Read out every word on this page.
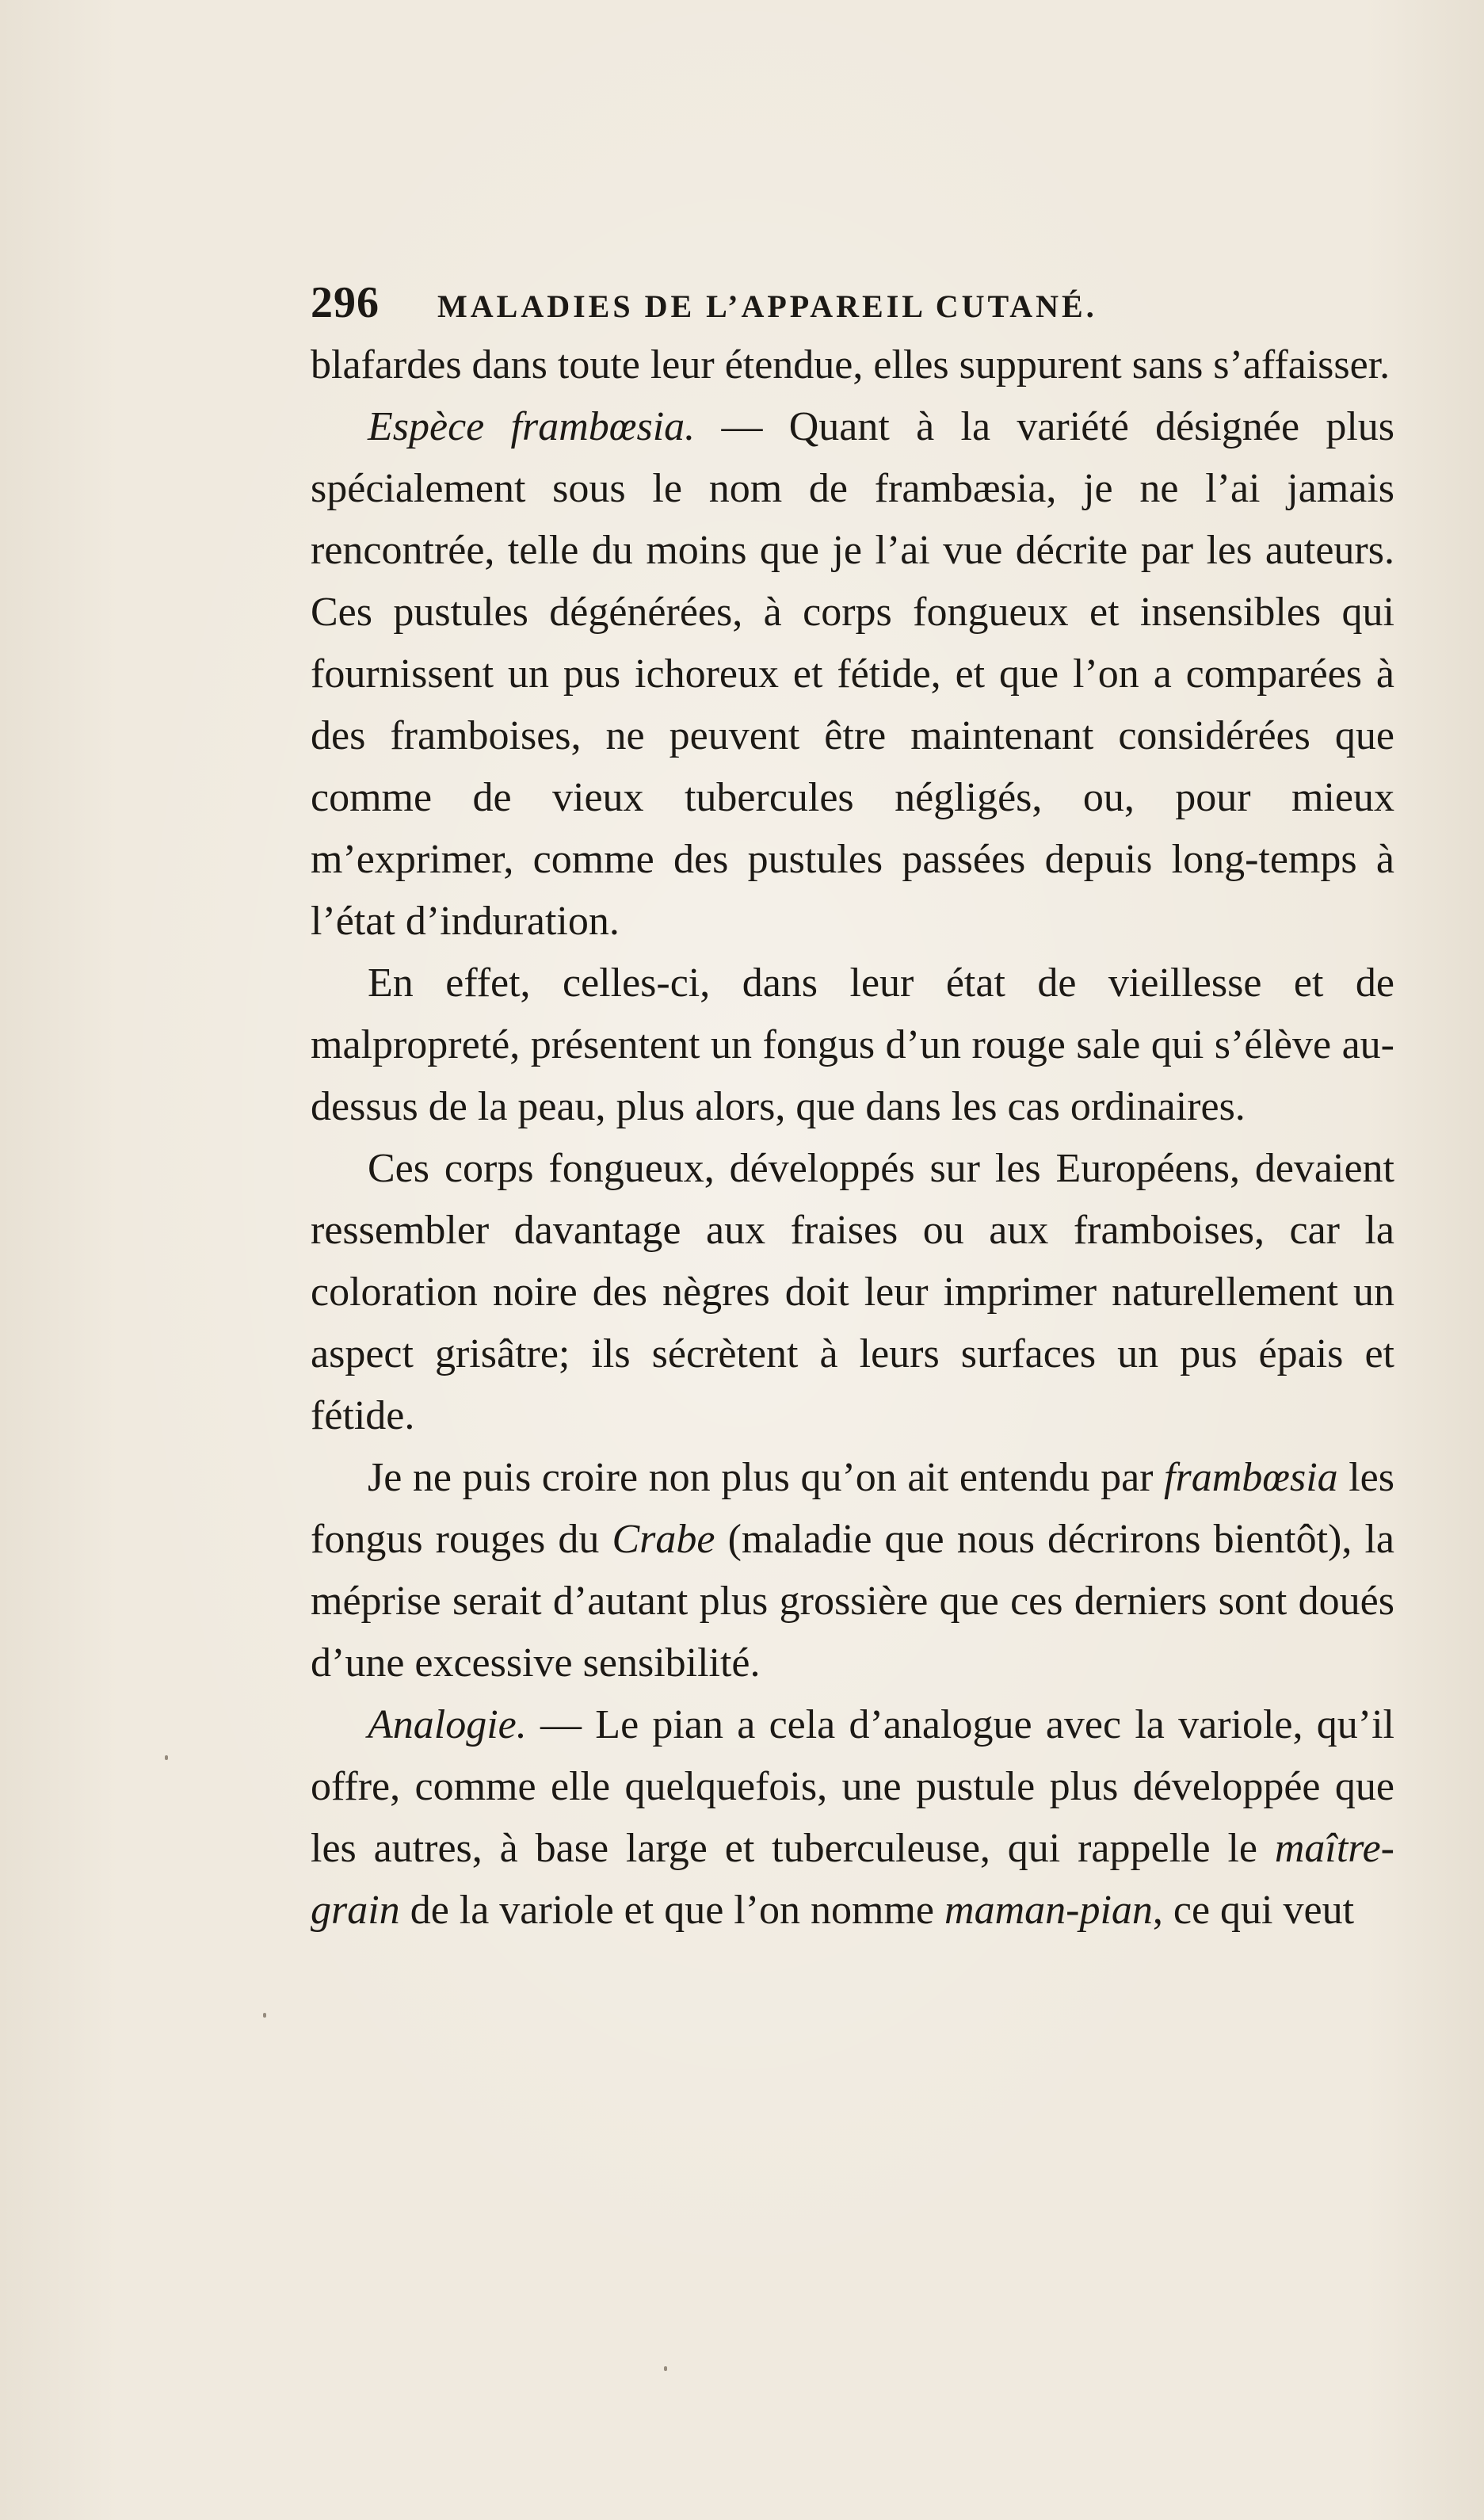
296	MALADIES DE L’APPAREIL CUTANÉ.

blafardes dans toute leur étendue, elles suppurent sans s’affaisser.

Espèce frambœsia. — Quant à la variété désignée plus spécialement sous le nom de frambæsia, je ne l’ai jamais rencontrée, telle du moins que je l’ai vue décrite par les auteurs. Ces pustules dégénérées, à corps fongueux et insensibles qui fournissent un pus ichoreux et fétide, et que l’on a comparées à des framboises, ne peuvent être maintenant considérées que comme de vieux tubercules négligés, ou, pour mieux m’exprimer, comme des pustules passées depuis long-temps à l’état d’induration.

En effet, celles-ci, dans leur état de vieillesse et de malpropreté, présentent un fongus d’un rouge sale qui s’élève au-dessus de la peau, plus alors, que dans les cas ordinaires.

Ces corps fongueux, développés sur les Européens, devaient ressembler davantage aux fraises ou aux framboises, car la coloration noire des nègres doit leur imprimer naturellement un aspect grisâtre; ils sécrètent à leurs surfaces un pus épais et fétide.

Je ne puis croire non plus qu’on ait entendu par frambœsia les fongus rouges du Crabe (maladie que nous décrirons bientôt), la méprise serait d’autant plus grossière que ces derniers sont doués d’une excessive sensibilité.

Analogie. — Le pian a cela d’analogue avec la variole, qu’il offre, comme elle quelquefois, une pustule plus développée que les autres, à base large et tuberculeuse, qui rappelle le maître-grain de la variole et que l’on nomme maman-pian, ce qui veut
